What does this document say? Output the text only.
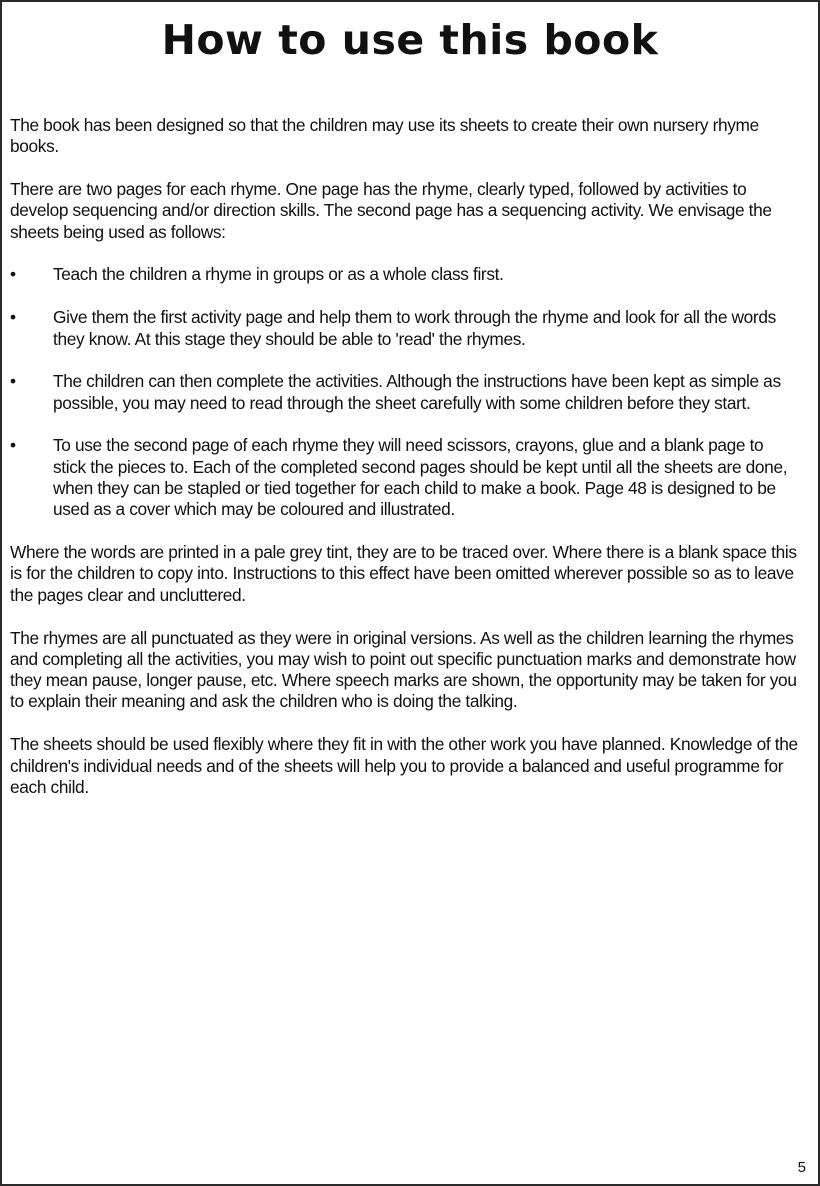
How to use this book

The book has been designed so that the children may use its sheets to create their own nursery rhyme books.

There are two pages for each rhyme. One page has the rhyme, clearly typed, followed by activities to develop sequencing and/or direction skills. The second page has a sequencing activity. We envisage the sheets being used as follows:

• Teach the children a rhyme in groups or as a whole class first.
• Give them the first activity page and help them to work through the rhyme and look for all the words they know. At this stage they should be able to 'read' the rhymes.
• The children can then complete the activities. Although the instructions have been kept as simple as possible, you may need to read through the sheet carefully with some children before they start.
• To use the second page of each rhyme they will need scissors, crayons, glue and a blank page to stick the pieces to. Each of the completed second pages should be kept until all the sheets are done, when they can be stapled or tied together for each child to make a book. Page 48 is designed to be used as a cover which may be coloured and illustrated.

Where the words are printed in a pale grey tint, they are to be traced over. Where there is a blank space this is for the children to copy into. Instructions to this effect have been omitted wherever possible so as to leave the pages clear and uncluttered.

The rhymes are all punctuated as they were in original versions. As well as the children learning the rhymes and completing all the activities, you may wish to point out specific punctuation marks and demonstrate how they mean pause, longer pause, etc. Where speech marks are shown, the opportunity may be taken for you to explain their meaning and ask the children who is doing the talking.

The sheets should be used flexibly where they fit in with the other work you have planned. Knowledge of the children's individual needs and of the sheets will help you to provide a balanced and useful programme for each child.

5
